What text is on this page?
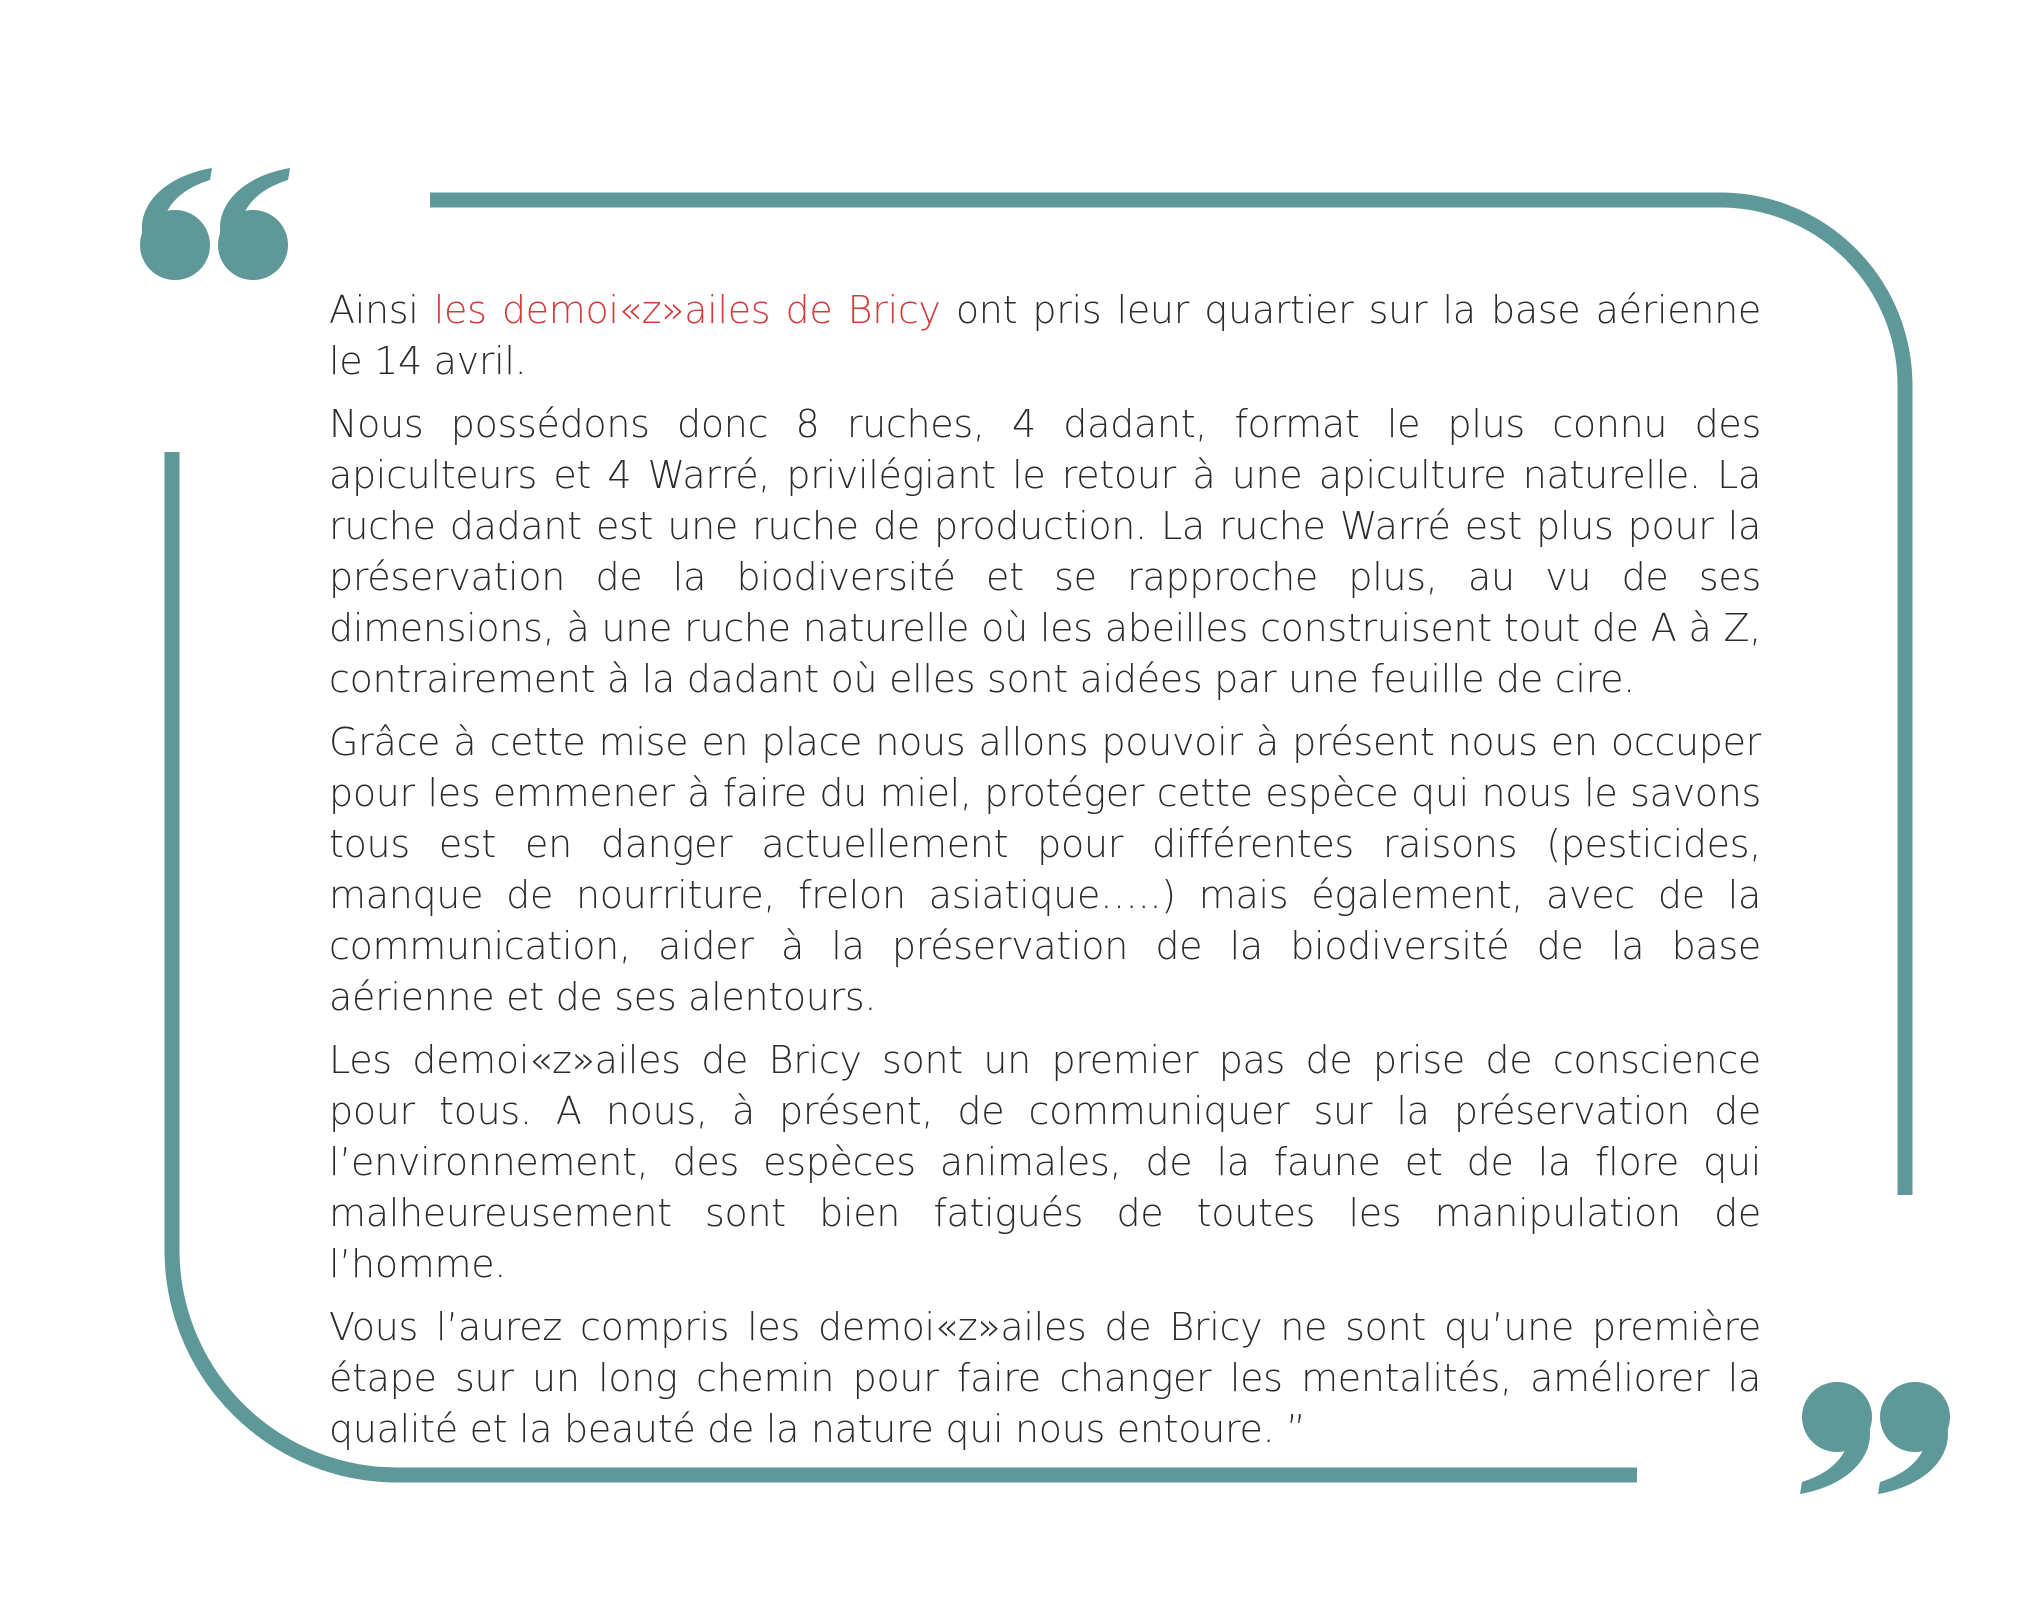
Ainsi les demoi«z»ailes de Bricy ont pris leur quartier sur la base aérienne le 14 avril.

Nous possédons donc 8 ruches, 4 dadant, format le plus connu des apiculteurs et 4 Warré, privilégiant le retour à une apiculture naturelle. La ruche dadant est une ruche de production. La ruche Warré est plus pour la préservation de la biodiversité et se rapproche plus, au vu de ses dimensions, à une ruche naturelle où les abeilles construisent tout de A à Z, contrairement à la dadant où elles sont aidées par une feuille de cire.

Grâce à cette mise en place nous allons pouvoir à présent nous en occuper pour les emmener à faire du miel, protéger cette espèce qui nous le savons tous est en danger actuellement pour différentes raisons (pesticides, manque de nourriture, frelon asiatique…..) mais également, avec de la communication, aider à la préservation de la biodiversité de la base aérienne et de ses alentours.

Les demoi«z»ailes de Bricy sont un premier pas de prise de conscience pour tous. A nous, à présent, de communiquer sur la préservation de l’environnement, des espèces animales, de la faune et de la flore qui malheureusement sont bien fatigués de toutes les manipulation de l’homme.

Vous l’aurez compris les demoi«z»ailes de Bricy ne sont qu’une première étape sur un long chemin pour faire changer les mentalités, améliorer la qualité et la beauté de la nature qui nous entoure. ”
